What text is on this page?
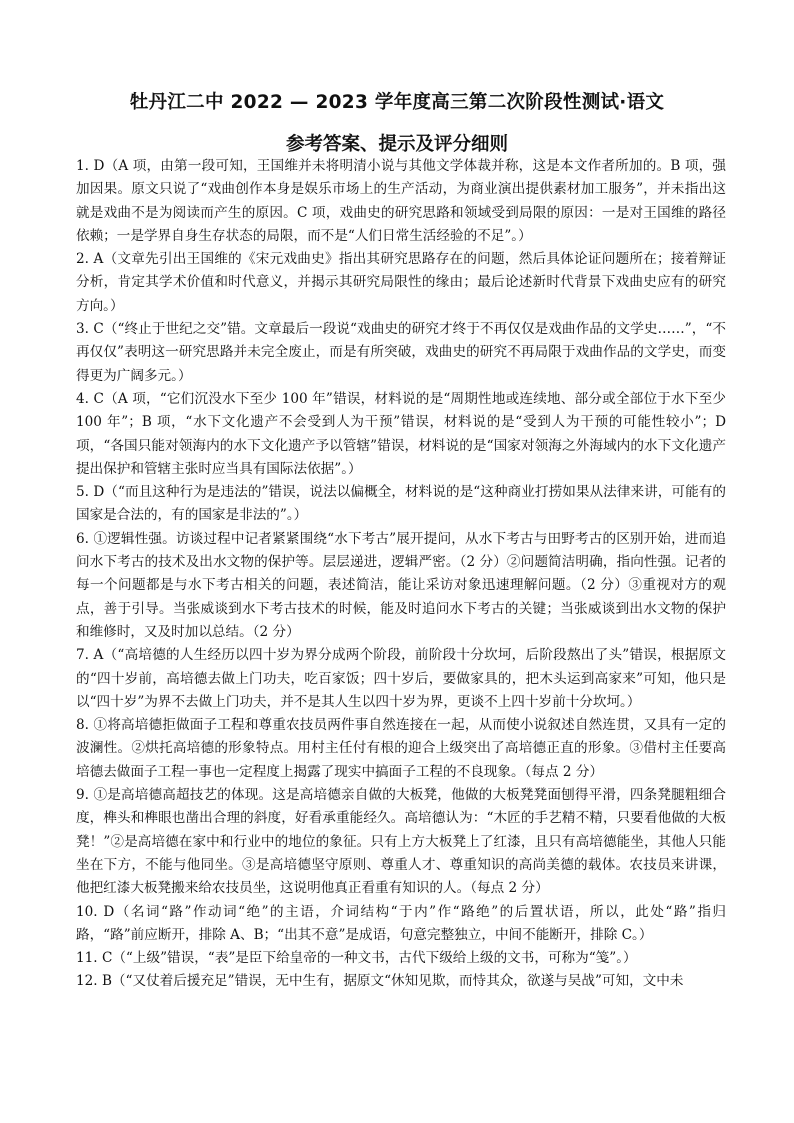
牡丹江二中 2022 — 2023 学年度高三第二次阶段性测试·语文
参考答案、提示及评分细则

1. D（A 项，由第一段可知，王国维并未将明清小说与其他文学体裁并称，这是本文作者所加的。B 项，强加因果。原文只说了“戏曲创作本身是娱乐市场上的生产活动，为商业演出提供素材加工服务”，并未指出这就是戏曲不是为阅读而产生的原因。C 项，戏曲史的研究思路和领域受到局限的原因：一是对王国维的路径依赖；一是学界自身生存状态的局限，而不是“人们日常生活经验的不足”。）

2. A（文章先引出王国维的《宋元戏曲史》指出其研究思路存在的问题，然后具体论证问题所在；接着辩证分析，肯定其学术价值和时代意义，并揭示其研究局限性的缘由；最后论述新时代背景下戏曲史应有的研究方向。）

3. C（“终止于世纪之交”错。文章最后一段说“戏曲史的研究才终于不再仅仅是戏曲作品的文学史……”，“不再仅仅”表明这一研究思路并未完全废止，而是有所突破，戏曲史的研究不再局限于戏曲作品的文学史，而变得更为广阔多元。）

4. C（A 项，“它们沉没水下至少 100 年”错误，材料说的是“周期性地或连续地、部分或全部位于水下至少 100 年”；B 项，“水下文化遗产不会受到人为干预”错误，材料说的是“受到人为干预的可能性较小”；D 项，“各国只能对领海内的水下文化遗产予以管辖”错误，材料说的是“国家对领海之外海域内的水下文化遗产提出保护和管辖主张时应当具有国际法依据”。）

5. D（“而且这种行为是违法的”错误，说法以偏概全，材料说的是“这种商业打捞如果从法律来讲，可能有的国家是合法的，有的国家是非法的”。）

6. ①逻辑性强。访谈过程中记者紧紧围绕“水下考古”展开提问，从水下考古与田野考古的区别开始，进而追问水下考古的技术及出水文物的保护等。层层递进，逻辑严密。（2 分）②问题简洁明确，指向性强。记者的每一个问题都是与水下考古相关的问题，表述简洁，能让采访对象迅速理解问题。（2 分）③重视对方的观点，善于引导。当张威谈到水下考古技术的时候，能及时追问水下考古的关键；当张威谈到出水文物的保护和维修时，又及时加以总结。（2 分）

7. A（“高培德的人生经历以四十岁为界分成两个阶段，前阶段十分坎坷，后阶段熬出了头”错误，根据原文的“四十岁前，高培德去做上门功夫，吃百家饭；四十岁后，要做家具的，把木头运到高家来”可知，他只是以“四十岁”为界不去做上门功夫，并不是其人生以四十岁为界，更谈不上四十岁前十分坎坷。）

8. ①将高培德拒做面子工程和尊重农技员两件事自然连接在一起，从而使小说叙述自然连贯，又具有一定的波澜性。②烘托高培德的形象特点。用村主任付有根的迎合上级突出了高培德正直的形象。③借村主任要高培德去做面子工程一事也一定程度上揭露了现实中搞面子工程的不良现象。（每点 2 分）

9. ①是高培德高超技艺的体现。这是高培德亲自做的大板凳，他做的大板凳凳面刨得平滑，四条凳腿粗细合度，榫头和榫眼也凿出合理的斜度，好看承重能经久。高培德认为：“木匠的手艺精不精，只要看他做的大板凳！”②是高培德在家中和行业中的地位的象征。只有上方大板凳上了红漆，且只有高培德能坐，其他人只能坐在下方，不能与他同坐。③是高培德坚守原则、尊重人才、尊重知识的高尚美德的载体。农技员来讲课，他把红漆大板凳搬来给农技员坐，这说明他真正看重有知识的人。（每点 2 分）

10. D（名词“路”作动词“绝”的主语，介词结构“于内”作“路绝”的后置状语，所以，此处“路”指归路，“路”前应断开，排除 A、B；“出其不意”是成语，句意完整独立，中间不能断开，排除 C。）

11. C（“上级”错误，“表”是臣下给皇帝的一种文书，古代下级给上级的文书，可称为“笺”。）

12. B（“又仗着后援充足”错误，无中生有，据原文“休知见欺，而恃其众，欲遂与吴战”可知，文中未
